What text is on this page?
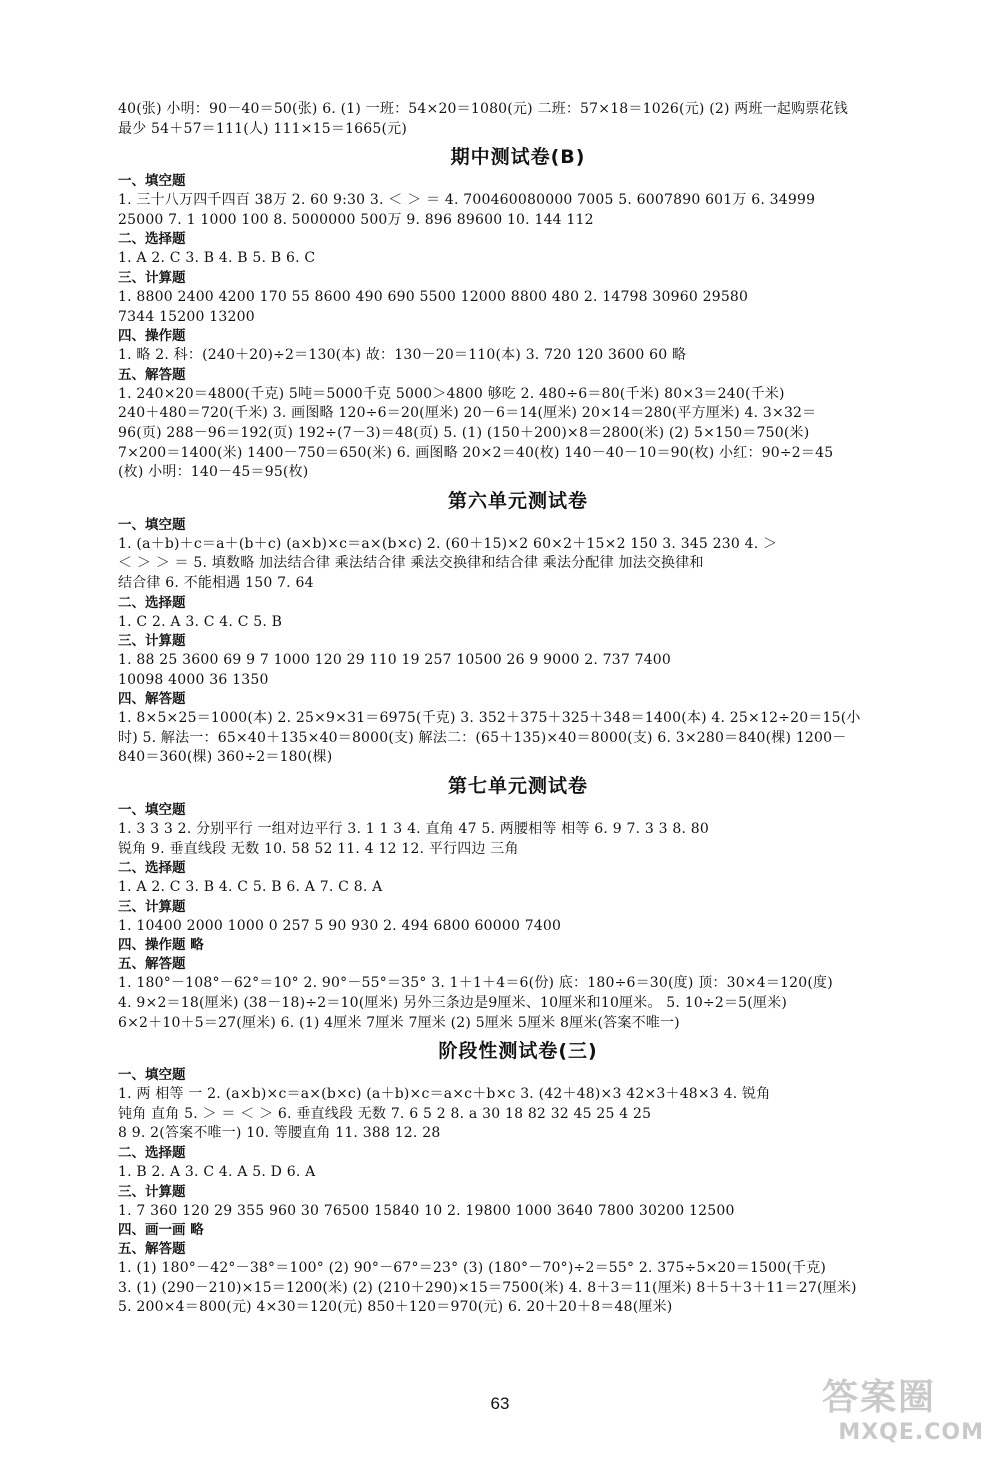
40(张) 小明：90－40＝50(张) 6. (1) 一班：54×20＝1080(元) 二班：57×18＝1026(元) (2) 两班一起购票花钱
最少 54＋57＝111(人) 111×15＝1665(元)
期中测试卷(B)
一、填空题
1. 三十八万四千四百 38万 2. 60 9:30 3. ＜ ＞ ＝ 4. 700460080000 7005 5. 6007890 601万 6. 34999
25000 7. 1 1000 100 8. 5000000 500万 9. 896 89600 10. 144 112
二、选择题
1. A 2. C 3. B 4. B 5. B 6. C
三、计算题
1. 8800 2400 4200 170 55 8600 490 690 5500 12000 8800 480 2. 14798 30960 29580
7344 15200 13200
四、操作题
1. 略 2. 科：(240＋20)÷2＝130(本) 故：130－20＝110(本) 3. 720 120 3600 60 略
五、解答题
1. 240×20＝4800(千克) 5吨＝5000千克 5000＞4800 够吃 2. 480÷6＝80(千米) 80×3＝240(千米)
240＋480＝720(千米) 3. 画图略 120÷6＝20(厘米) 20－6＝14(厘米) 20×14＝280(平方厘米) 4. 3×32＝
96(页) 288－96＝192(页) 192÷(7－3)＝48(页) 5. (1) (150＋200)×8＝2800(米) (2) 5×150＝750(米)
7×200＝1400(米) 1400－750＝650(米) 6. 画图略 20×2＝40(枚) 140－40－10＝90(枚) 小红：90÷2＝45
(枚) 小明：140－45＝95(枚)
第六单元测试卷
一、填空题
1. (a＋b)＋c＝a＋(b＋c) (a×b)×c＝a×(b×c) 2. (60＋15)×2 60×2＋15×2 150 3. 345 230 4. ＞
＜ ＞ ＞ ＝ 5. 填数略 加法结合律 乘法结合律 乘法交换律和结合律 乘法分配律 加法交换律和
结合律 6. 不能相遇 150 7. 64
二、选择题
1. C 2. A 3. C 4. C 5. B
三、计算题
1. 88 25 3600 69 9 7 1000 120 29 110 19 257 10500 26 9 9000 2. 737 7400
10098 4000 36 1350
四、解答题
1. 8×5×25＝1000(本) 2. 25×9×31＝6975(千克) 3. 352＋375＋325＋348＝1400(本) 4. 25×12÷20＝15(小
时) 5. 解法一：65×40＋135×40＝8000(支) 解法二：(65＋135)×40＝8000(支) 6. 3×280＝840(棵) 1200－
840＝360(棵) 360÷2＝180(棵)
第七单元测试卷
一、填空题
1. 3 3 3 2. 分别平行 一组对边平行 3. 1 1 3 4. 直角 47 5. 两腰相等 相等 6. 9 7. 3 3 8. 80
锐角 9. 垂直线段 无数 10. 58 52 11. 4 12 12. 平行四边 三角
二、选择题
1. A 2. C 3. B 4. C 5. B 6. A 7. C 8. A
三、计算题
1. 10400 2000 1000 0 257 5 90 930 2. 494 6800 60000 7400
四、操作题 略
五、解答题
1. 180°－108°－62°＝10° 2. 90°－55°＝35° 3. 1＋1＋4＝6(份) 底：180÷6＝30(度) 顶：30×4＝120(度)
4. 9×2＝18(厘米) (38－18)÷2＝10(厘米) 另外三条边是9厘米、10厘米和10厘米。 5. 10÷2＝5(厘米)
6×2＋10＋5＝27(厘米) 6. (1) 4厘米 7厘米 7厘米 (2) 5厘米 5厘米 8厘米(答案不唯一)
阶段性测试卷(三)
一、填空题
1. 两 相等 一 2. (a×b)×c＝a×(b×c) (a＋b)×c＝a×c＋b×c 3. (42＋48)×3 42×3＋48×3 4. 锐角
钝角 直角 5. ＞ ＝ ＜ ＞ 6. 垂直线段 无数 7. 6 5 2 8. a 30 18 82 32 45 25 4 25
8 9. 2(答案不唯一) 10. 等腰直角 11. 388 12. 28
二、选择题
1. B 2. A 3. C 4. A 5. D 6. A
三、计算题
1. 7 360 120 29 355 960 30 76500 15840 10 2. 19800 1000 3640 7800 30200 12500
四、画一画 略
五、解答题
1. (1) 180°－42°－38°＝100° (2) 90°－67°＝23° (3) (180°－70°)÷2＝55° 2. 375÷5×20＝1500(千克)
3. (1) (290－210)×15＝1200(米) (2) (210＋290)×15＝7500(米) 4. 8＋3＝11(厘米) 8＋5＋3＋11＝27(厘米)
5. 200×4＝800(元) 4×30＝120(元) 850＋120＝970(元) 6. 20＋20＋8＝48(厘米)
63	答案圈
MXQE.COM
